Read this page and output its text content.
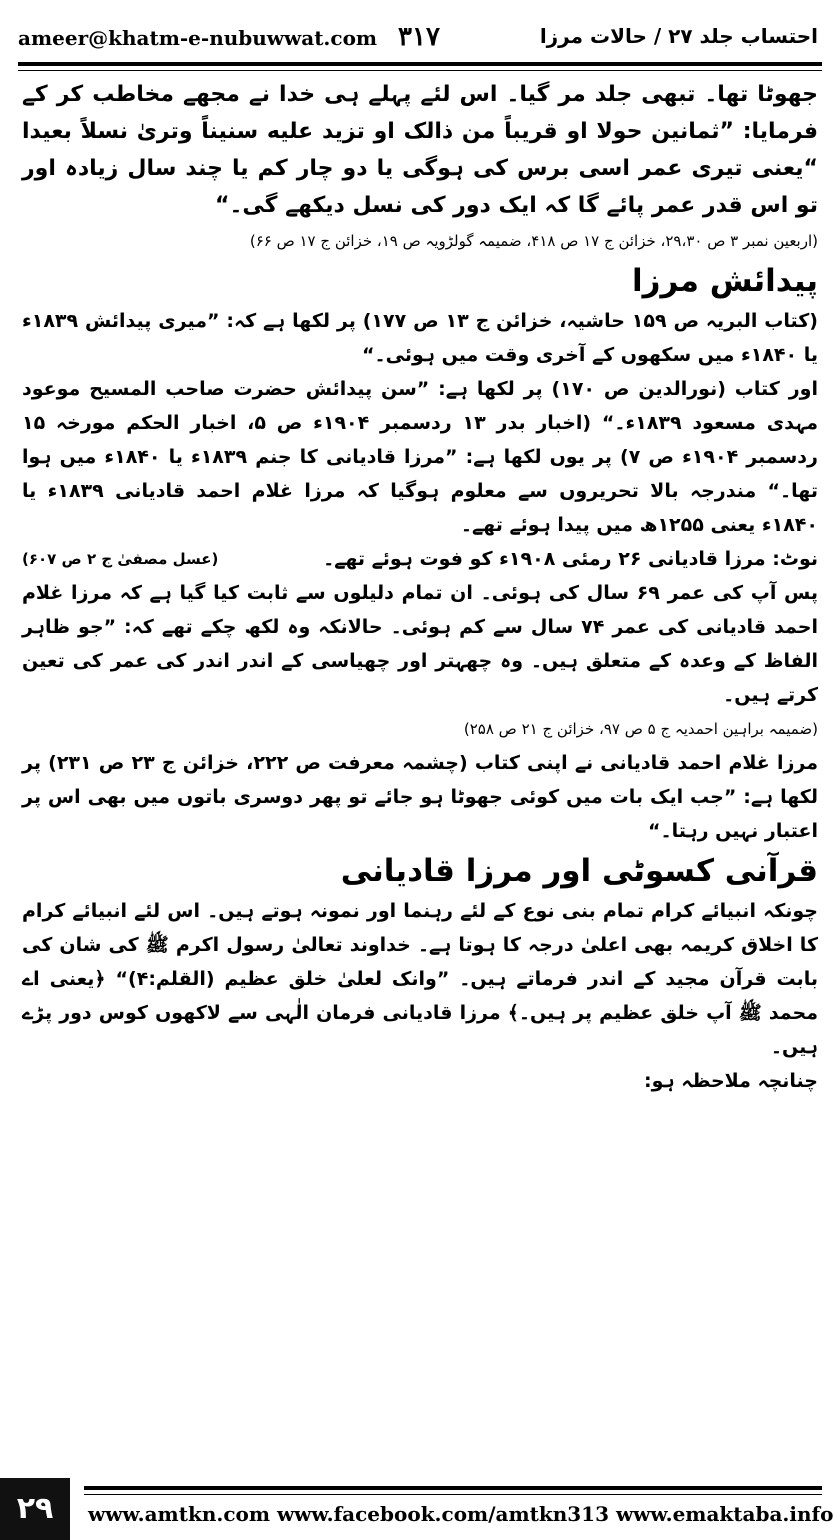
ameer@khatm-e-nubuwwat.com ۳۱۷	احتساب جلد ۲۷ / حالات مرزا

جھوٹا تھا۔ تبھی جلد مر گیا۔ اس لئے پہلے ہی خدا نے مجھے مخاطب کر کے فرمایا: ”ثمانین حولا او قریباً من ذالک او تزید علیه سنیناً وتریٰ نسلاً بعیدا “یعنی تیری عمر اسی برس کی ہوگی یا دو چار کم یا چند سال زیادہ اور تو اس قدر عمر پائے گا کہ ایک دور کی نسل دیکھے گی۔“

(اربعین نمبر ۳ ص ۲۹،۳۰، خزائن ج ۱۷ ص ۴۱۸، ضمیمہ گولڑویہ ص ۱۹، خزائن ج ۱۷ ص ۶۶)

پیدائش مرزا

(کتاب البریہ ص ۱۵۹ حاشیہ، خزائن ج ۱۳ ص ۱۷۷) پر لکھا ہے کہ: ”میری پیدائش ۱۸۳۹ء یا ۱۸۴۰ء میں سکھوں کے آخری وقت میں ہوئی۔“

اور کتاب (نورالدین ص ۱۷۰) پر لکھا ہے: ”سن پیدائش حضرت صاحب المسیح موعود مہدی مسعود ۱۸۳۹ء۔“ (اخبار بدر ۱۳ ردسمبر ۱۹۰۴ء ص ۵، اخبار الحکم مورخہ ۱۵ ردسمبر ۱۹۰۴ء ص ۷) پر یوں لکھا ہے: ”مرزا قادیانی کا جنم ۱۸۳۹ء یا ۱۸۴۰ء میں ہوا تھا۔“ مندرجہ بالا تحریروں سے معلوم ہوگیا کہ مرزا غلام احمد قادیانی ۱۸۳۹ء یا ۱۸۴۰ء یعنی ۱۲۵۵ھ میں پیدا ہوئے تھے۔

نوٹ: مرزا قادیانی ۲۶ رمئی ۱۹۰۸ء کو فوت ہوئے تھے۔
(عسل مصفیٰ ج ۲ ص ۶۰۷)

پس آپ کی عمر ۶۹ سال کی ہوئی۔ ان تمام دلیلوں سے ثابت کیا گیا ہے کہ مرزا غلام احمد قادیانی کی عمر ۷۴ سال سے کم ہوئی۔ حالانکہ وہ لکھ چکے تھے کہ: ”جو ظاہر الفاظ کے وعدہ کے متعلق ہیں۔ وہ چھہتر اور چھیاسی کے اندر اندر کی عمر کی تعین کرتے ہیں۔

(ضمیمہ براہین احمدیہ ج ۵ ص ۹۷، خزائن ج ۲۱ ص ۲۵۸)

مرزا غلام احمد قادیانی نے اپنی کتاب (چشمہ معرفت ص ۲۲۲، خزائن ج ۲۳ ص ۲۳۱) پر لکھا ہے: ”جب ایک بات میں کوئی جھوٹا ہو جائے تو پھر دوسری باتوں میں بھی اس پر اعتبار نہیں رہتا۔“

قرآنی کسوٹی اور مرزا قادیانی

چونکہ انبیائے کرام تمام بنی نوع کے لئے رہنما اور نمونہ ہوتے ہیں۔ اس لئے انبیائے کرام کا اخلاق کریمہ بھی اعلیٰ درجہ کا ہوتا ہے۔ خداوند تعالیٰ رسول اکرم ﷺ کی شان کی بابت قرآن مجید کے اندر فرماتے ہیں۔ ”وانک لعلیٰ خلق عظیم (القلم:۴)“ ﴿یعنی اے محمد ﷺ آپ خلق عظیم پر ہیں۔﴾ مرزا قادیانی فرمان الٰہی سے لاکھوں کوس دور پڑے ہیں۔

چنانچہ ملاحظہ ہو:

۲۹	www.amtkn.com www.facebook.com/amtkn313 www.emaktaba.info
